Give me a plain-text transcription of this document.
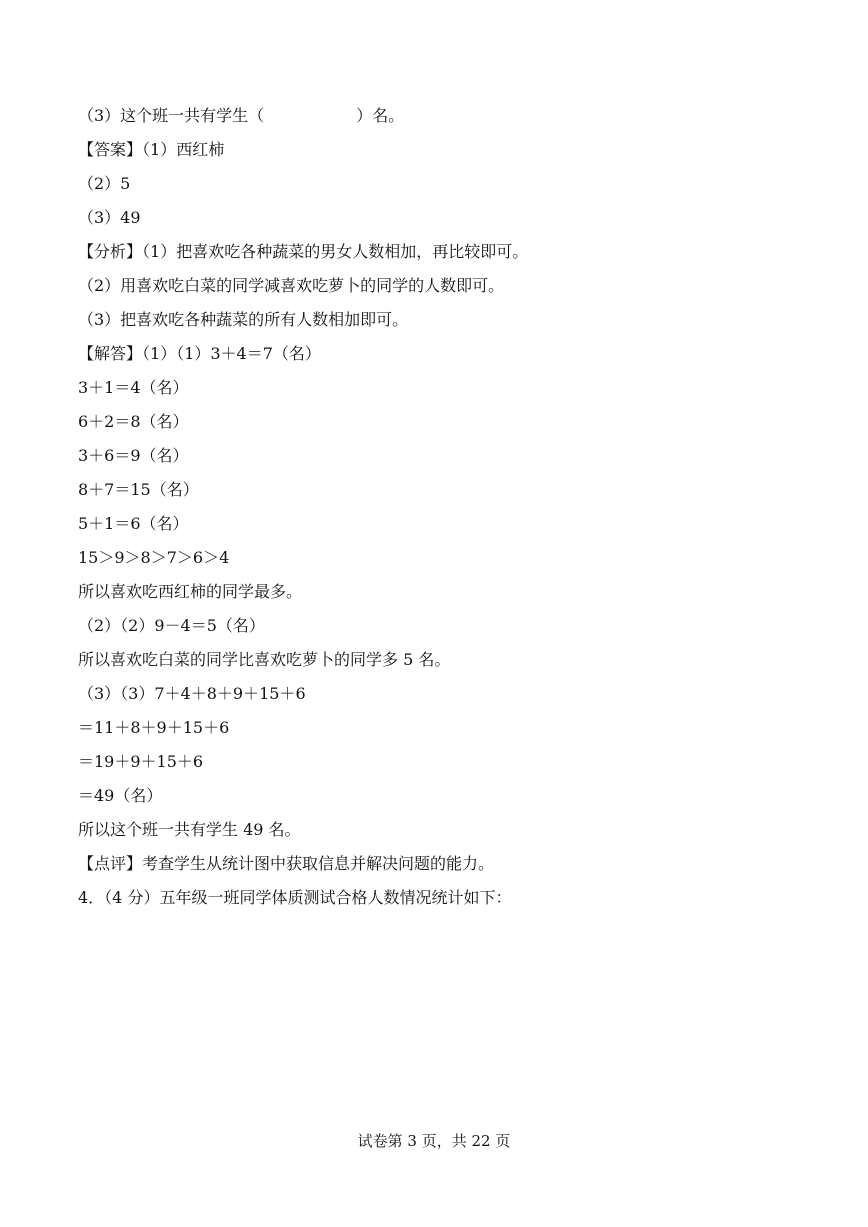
（3）这个班一共有学生（	）名。
【答案】（1）西红柿
（2）5
（3）49
【分析】（1）把喜欢吃各种蔬菜的男女人数相加，再比较即可。
（2）用喜欢吃白菜的同学减喜欢吃萝卜的同学的人数即可。
（3）把喜欢吃各种蔬菜的所有人数相加即可。
【解答】（1）（1）3＋4＝7（名）
3＋1＝4（名）
6＋2＝8（名）
3＋6＝9（名）
8＋7＝15（名）
5＋1＝6（名）
15＞9＞8＞7＞6＞4
所以喜欢吃西红柿的同学最多。
（2）（2）9－4＝5（名）
所以喜欢吃白菜的同学比喜欢吃萝卜的同学多 5 名。
（3）（3）7＋4＋8＋9＋15＋6
＝11＋8＋9＋15＋6
＝19＋9＋15＋6
＝49（名）
所以这个班一共有学生 49 名。
【点评】考查学生从统计图中获取信息并解决问题的能力。
4．（4 分）五年级一班同学体质测试合格人数情况统计如下：
试卷第 3 页，共 22 页
